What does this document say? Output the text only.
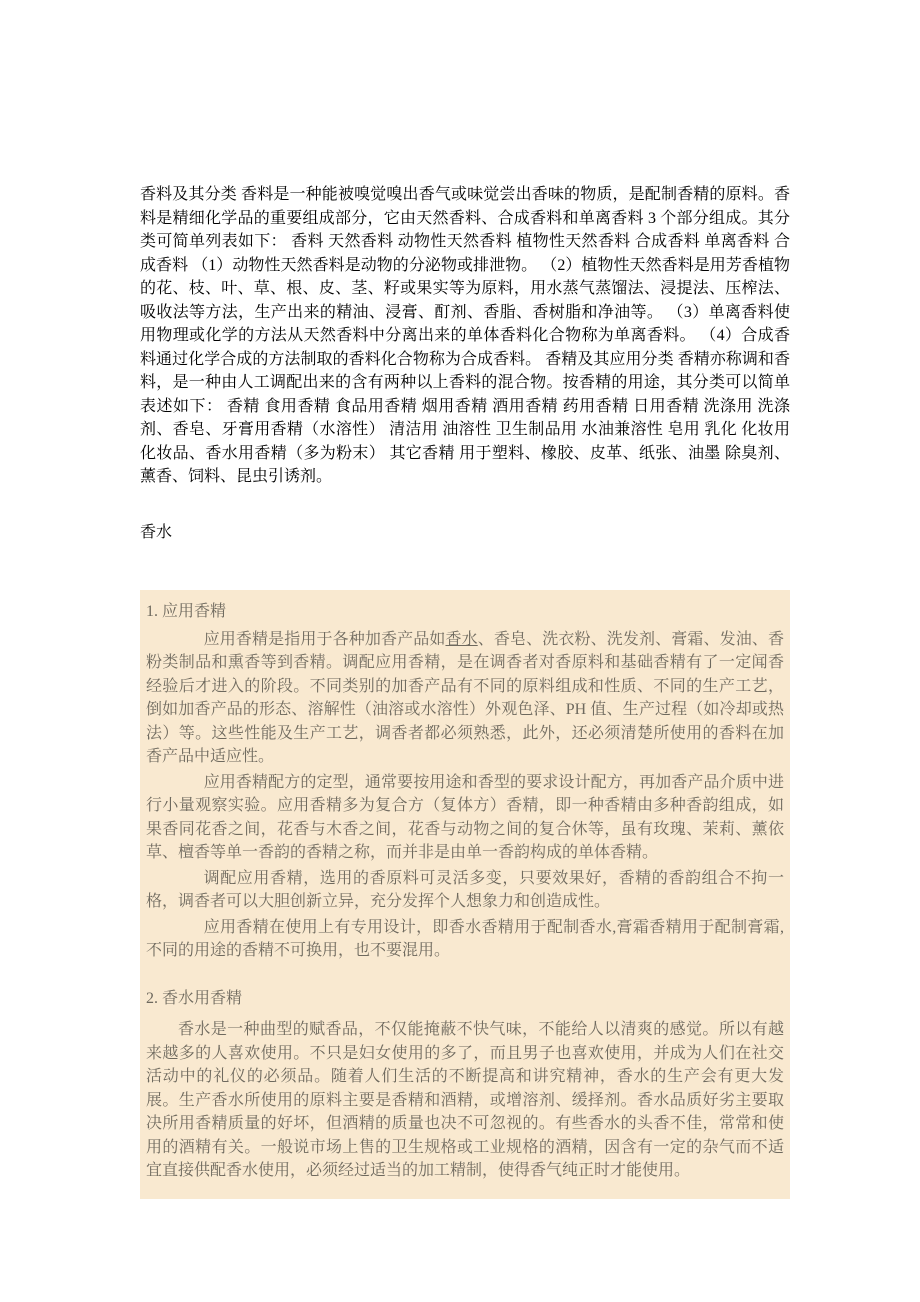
香料及其分类 香料是一种能被嗅觉嗅出香气或味觉尝出香味的物质，是配制香精的原料。香料是精细化学品的重要组成部分，它由天然香料、合成香料和单离香料 3 个部分组成。其分类可简单列表如下： 香料 天然香料 动物性天然香料 植物性天然香料 合成香料 单离香料 合成香料 （1）动物性天然香料是动物的分泌物或排泄物。 （2）植物性天然香料是用芳香植物的花、枝、叶、草、根、皮、茎、籽或果实等为原料，用水蒸气蒸馏法、浸提法、压榨法、吸收法等方法，生产出来的精油、浸膏、酊剂、香脂、香树脂和净油等。 （3）单离香料使用物理或化学的方法从天然香料中分离出来的单体香料化合物称为单离香料。 （4）合成香料通过化学合成的方法制取的香料化合物称为合成香料。 香精及其应用分类 香精亦称调和香料，是一种由人工调配出来的含有两种以上香料的混合物。按香精的用途，其分类可以简单表述如下： 香精 食用香精 食品用香精 烟用香精 酒用香精 药用香精 日用香精 洗涤用 洗涤剂、香皂、牙膏用香精（水溶性） 清洁用 油溶性 卫生制品用 水油兼溶性 皂用 乳化 化妆用 化妆品、香水用香精（多为粉末） 其它香精 用于塑料、橡胶、皮革、纸张、油墨 除臭剂、薰香、饲料、昆虫引诱剂。

香水

1. 应用香精

应用香精是指用于各种加香产品如香水、香皂、洗衣粉、洗发剂、膏霜、发油、香粉类制品和熏香等到香精。调配应用香精，是在调香者对香原料和基础香精有了一定闻香经验后才进入的阶段。不同类别的加香产品有不同的原料组成和性质、不同的生产工艺，倒如加香产品的形态、溶解性（油溶或水溶性）外观色泽、PH 值、生产过程（如冷却或热法）等。这些性能及生产工艺，调香者都必须熟悉，此外，还必须清楚所使用的香料在加香产品中适应性。

应用香精配方的定型，通常要按用途和香型的要求设计配方，再加香产品介质中进行小量观察实验。应用香精多为复合方（复体方）香精，即一种香精由多种香韵组成，如果香同花香之间，花香与木香之间，花香与动物之间的复合休等，虽有玫瑰、茉莉、薰依草、檀香等单一香韵的香精之称，而并非是由单一香韵构成的单体香精。

调配应用香精，选用的香原料可灵活多变，只要效果好，香精的香韵组合不拘一格，调香者可以大胆创新立异，充分发挥个人想象力和创造成性。

应用香精在使用上有专用设计，即香水香精用于配制香水,膏霜香精用于配制膏霜,不同的用途的香精不可换用，也不要混用。

2. 香水用香精

香水是一种曲型的赋香品，不仅能掩蔽不快气味，不能给人以清爽的感觉。所以有越来越多的人喜欢使用。不只是妇女使用的多了，而且男子也喜欢使用，并成为人们在社交活动中的礼仪的必须品。随着人们生活的不断提高和讲究精神，香水的生产会有更大发展。生产香水所使用的原料主要是香精和酒精，或增溶剂、缓择剂。香水品质好劣主要取决所用香精质量的好坏，但酒精的质量也决不可忽视的。有些香水的头香不佳，常常和使用的酒精有关。一般说市场上售的卫生规格或工业规格的酒精，因含有一定的杂气而不适宜直接供配香水使用，必须经过适当的加工精制，使得香气纯正时才能使用。
